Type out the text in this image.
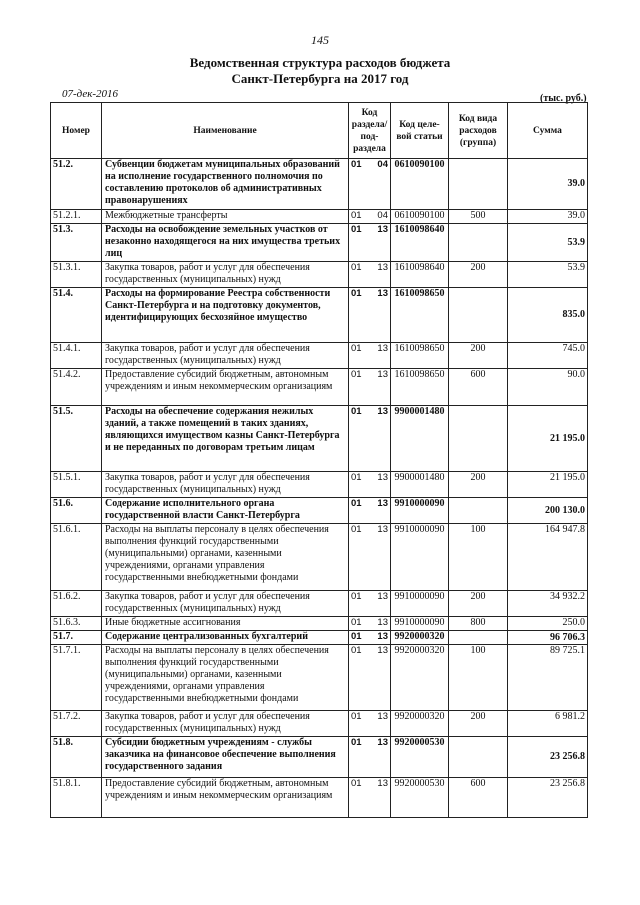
145
Ведомственная структура расходов бюджета
Санкт-Петербурга на 2017 год
07-дек-2016	(тыс. руб.)
Номер	Наименование	Код раздела/ под- раздела	Код целе- вой статьи	Код вида расходов (группа)	Сумма
51.2.	Субвенции бюджетам муниципальных образований на исполнение государственного полномочия по составлению протоколов об административных правонарушениях	01 04	0610090100		39.0
51.2.1.	Межбюджетные трансферты	01 04	0610090100	500	39.0
51.3.	Расходы на освобождение земельных участков от незаконно находящегося на них имущества третьих лиц	01 13	1610098640		53.9
51.3.1.	Закупка товаров, работ и услуг для обеспечения государственных (муниципальных) нужд	01 13	1610098640	200	53.9
51.4.	Расходы на формирование Реестра собственности Санкт-Петербурга и на подготовку документов, идентифицирующих бесхозяйное имущество	01 13	1610098650		835.0
51.4.1.	Закупка товаров, работ и услуг для обеспечения государственных (муниципальных) нужд	01 13	1610098650	200	745.0
51.4.2.	Предоставление субсидий бюджетным, автономным учреждениям и иным некоммерческим организациям	01 13	1610098650	600	90.0
51.5.	Расходы на обеспечение содержания нежилых зданий, а также помещений в таких зданиях, являющихся имуществом казны Санкт-Петербурга и не переданных по договорам третьим лицам	01 13	9900001480		21 195.0
51.5.1.	Закупка товаров, работ и услуг для обеспечения государственных (муниципальных) нужд	01 13	9900001480	200	21 195.0
51.6.	Содержание исполнительного органа государственной власти Санкт-Петербурга	01 13	9910000090		200 130.0
51.6.1.	Расходы на выплаты персоналу в целях обеспечения выполнения функций государственными (муниципальными) органами, казенными учреждениями, органами управления государственными внебюджетными фондами	01 13	9910000090	100	164 947.8
51.6.2.	Закупка товаров, работ и услуг для обеспечения государственных (муниципальных) нужд	01 13	9910000090	200	34 932.2
51.6.3.	Иные бюджетные ассигнования	01 13	9910000090	800	250.0
51.7.	Содержание централизованных бухгалтерий	01 13	9920000320		96 706.3
51.7.1.	Расходы на выплаты персоналу в целях обеспечения выполнения функций государственными (муниципальными) органами, казенными учреждениями, органами управления государственными внебюджетными фондами	01 13	9920000320	100	89 725.1
51.7.2.	Закупка товаров, работ и услуг для обеспечения государственных (муниципальных) нужд	01 13	9920000320	200	6 981.2
51.8.	Субсидии бюджетным учреждениям - службы заказчика на финансовое обеспечение выполнения государственного задания	01 13	9920000530		23 256.8
51.8.1.	Предоставление субсидий бюджетным, автономным учреждениям и иным некоммерческим организациям	01 13	9920000530	600	23 256.8
